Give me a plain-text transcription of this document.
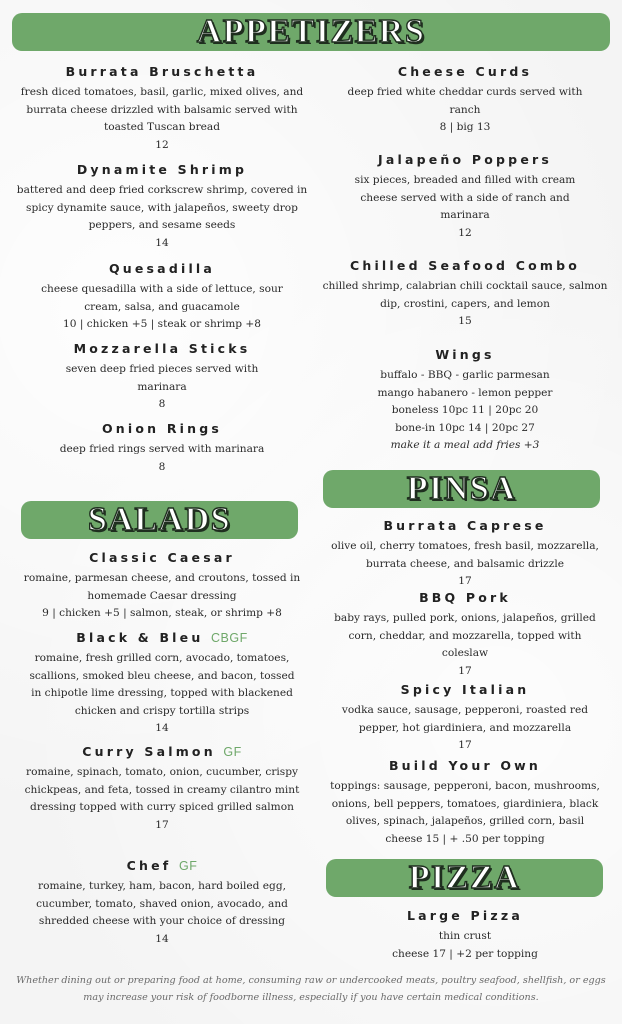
APPETIZERS
Burrata Bruschetta
fresh diced tomatoes, basil, garlic, mixed olives, and burrata cheese drizzled with balsamic served with toasted Tuscan bread
12
Dynamite Shrimp
battered and deep fried corkscrew shrimp, covered in spicy dynamite sauce, with jalapeños, sweety drop peppers, and sesame seeds
14
Quesadilla
cheese quesadilla with a side of lettuce, sour cream, salsa, and guacamole
10 | chicken +5 | steak or shrimp +8
Mozzarella Sticks
seven deep fried pieces served with marinara
8
Onion Rings
deep fried rings served with marinara
8
Cheese Curds
deep fried white cheddar curds served with ranch
8 | big 13
Jalapeño Poppers
six pieces, breaded and filled with cream cheese served with a side of ranch and marinara
12
Chilled Seafood Combo
chilled shrimp, calabrian chili cocktail sauce, salmon dip, crostini, capers, and lemon
15
Wings
buffalo - BBQ - garlic parmesan
mango habanero - lemon pepper
boneless 10pc 11 | 20pc 20
bone-in 10pc 14 | 20pc 27
make it a meal add fries +3
SALADS
Classic Caesar
romaine, parmesan cheese, and croutons, tossed in homemade Caesar dressing
9 | chicken +5 | salmon, steak, or shrimp +8
Black & Bleu CBGF
romaine, fresh grilled corn, avocado, tomatoes, scallions, smoked bleu cheese, and bacon, tossed in chipotle lime dressing, topped with blackened chicken and crispy tortilla strips
14
Curry Salmon GF
romaine, spinach, tomato, onion, cucumber, crispy chickpeas, and feta, tossed in creamy cilantro mint dressing topped with curry spiced grilled salmon
17
Chef GF
romaine, turkey, ham, bacon, hard boiled egg, cucumber, tomato, shaved onion, avocado, and shredded cheese with your choice of dressing
14
PINSA
Burrata Caprese
olive oil, cherry tomatoes, fresh basil, mozzarella, burrata cheese, and balsamic drizzle
17
BBQ Pork
baby rays, pulled pork, onions, jalapeños, grilled corn, cheddar, and mozzarella, topped with coleslaw
17
Spicy Italian
vodka sauce, sausage, pepperoni, roasted red pepper, hot giardiniera, and mozzarella
17
Build Your Own
toppings: sausage, pepperoni, bacon, mushrooms, onions, bell peppers, tomatoes, giardiniera, black olives, spinach, jalapeños, grilled corn, basil
cheese 15 | + .50 per topping
PIZZA
Large Pizza
thin crust
cheese 17 | +2 per topping
Whether dining out or preparing food at home, consuming raw or undercooked meats, poultry seafood, shellfish, or eggs may increase your risk of foodborne illness, especially if you have certain medical conditions.
